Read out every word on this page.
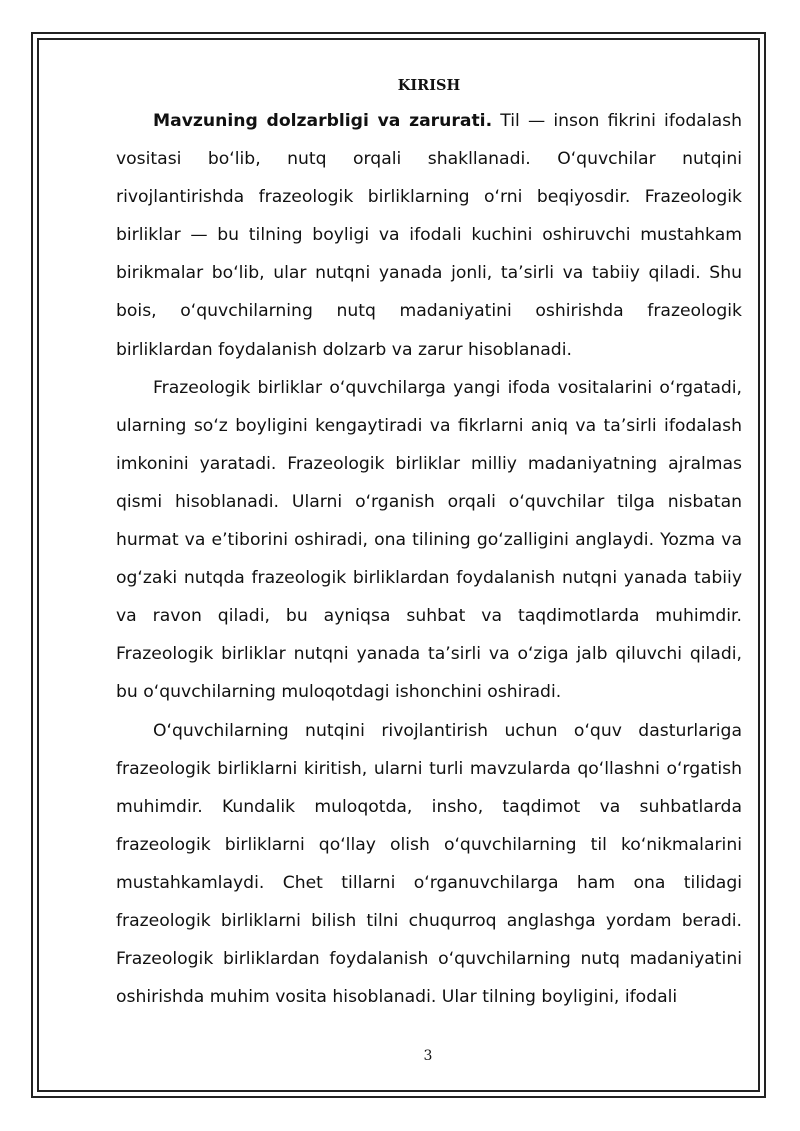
KIRISH

Mavzuning dolzarbligi va zarurati. Til — inson fikrini ifodalash vositasi bo‘lib, nutq orqali shakllanadi. O‘quvchilar nutqini rivojlantirishda frazeologik birliklarning o‘rni beqiyosdir. Frazeologik birliklar — bu tilning boyligi va ifodali kuchini oshiruvchi mustahkam birikmalar bo‘lib, ular nutqni yanada jonli, ta’sirli va tabiiy qiladi. Shu bois, o‘quvchilarning nutq madaniyatini oshirishda frazeologik birliklardan foydalanish dolzarb va zarur hisoblanadi.

Frazeologik birliklar o‘quvchilarga yangi ifoda vositalarini o‘rgatadi, ularning so‘z boyligini kengaytiradi va fikrlarni aniq va ta’sirli ifodalash imkonini yaratadi. Frazeologik birliklar milliy madaniyatning ajralmas qismi hisoblanadi. Ularni o‘rganish orqali o‘quvchilar tilga nisbatan hurmat va e’tiborini oshiradi, ona tilining go‘zalligini anglaydi. Yozma va og‘zaki nutqda frazeologik birliklardan foydalanish nutqni yanada tabiiy va ravon qiladi, bu ayniqsa suhbat va taqdimotlarda muhimdir. Frazeologik birliklar nutqni yanada ta’sirli va o‘ziga jalb qiluvchi qiladi, bu o‘quvchilarning muloqotdagi ishonchini oshiradi.

O‘quvchilarning nutqini rivojlantirish uchun o‘quv dasturlariga frazeologik birliklarni kiritish, ularni turli mavzularda qo‘llashni o‘rgatish muhimdir. Kundalik muloqotda, insho, taqdimot va suhbatlarda frazeologik birliklarni qo‘llay olish o‘quvchilarning til ko‘nikmalarini mustahkamlaydi. Chet tillarni o‘rganuvchilarga ham ona tilidagi frazeologik birliklarni bilish tilni chuqurroq anglashga yordam beradi. Frazeologik birliklardan foydalanish o‘quvchilarning nutq madaniyatini oshirishda muhim vosita hisoblanadi. Ular tilning boyligini, ifodali

3
